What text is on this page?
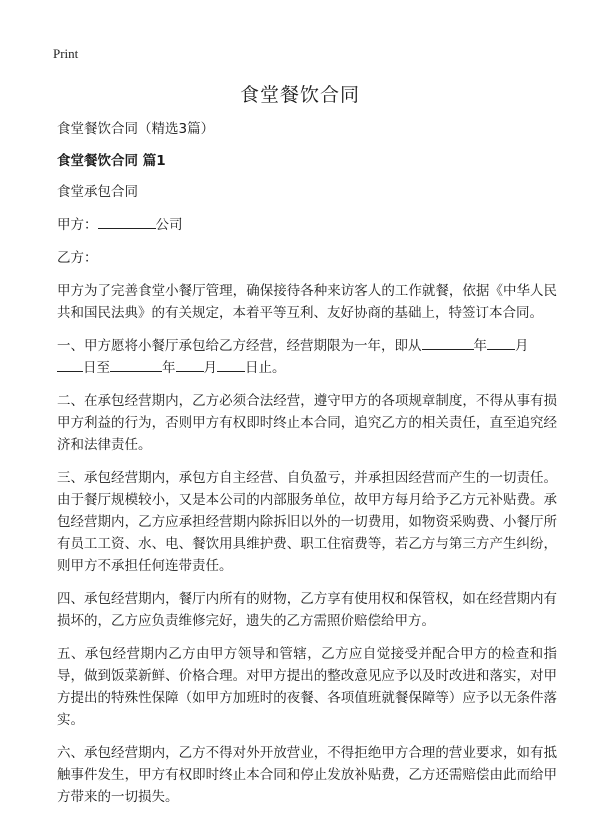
Print
食堂餐饮合同

食堂餐饮合同（精选3篇）

食堂餐饮合同 篇1

食堂承包合同

甲方：	公司

乙方：

甲方为了完善食堂小餐厅管理，确保接待各种来访客人的工作就餐，依据《中华人民共和国民法典》的有关规定，本着平等互利、友好协商的基础上，特签订本合同。

一、甲方愿将小餐厅承包给乙方经营，经营期限为一年，即从	年 月
日至	年 月 日止。

二、在承包经营期内，乙方必须合法经营，遵守甲方的各项规章制度，不得从事有损甲方利益的行为，否则甲方有权即时终止本合同，追究乙方的相关责任，直至追究经济和法律责任。

三、承包经营期内，承包方自主经营、自负盈亏，并承担因经营而产生的一切责任。由于餐厅规模较小，又是本公司的内部服务单位，故甲方每月给予乙方元补贴费。承包经营期内，乙方应承担经营期内除拆旧以外的一切费用，如物资采购费、小餐厅所有员工工资、水、电、餐饮用具维护费、职工住宿费等，若乙方与第三方产生纠纷，则甲方不承担任何连带责任。

四、承包经营期内，餐厅内所有的财物，乙方享有使用权和保管权，如在经营期内有损坏的，乙方应负责维修完好，遗失的乙方需照价赔偿给甲方。

五、承包经营期内乙方由甲方领导和管辖，乙方应自觉接受并配合甲方的检查和指导，做到饭菜新鲜、价格合理。对甲方提出的整改意见应予以及时改进和落实，对甲方提出的特殊性保障（如甲方加班时的夜餐、各项值班就餐保障等）应予以无条件落实。

六、承包经营期内，乙方不得对外开放营业，不得拒绝甲方合理的营业要求，如有抵触事件发生，甲方有权即时终止本合同和停止发放补贴费，乙方还需赔偿由此而给甲方带来的一切损失。
